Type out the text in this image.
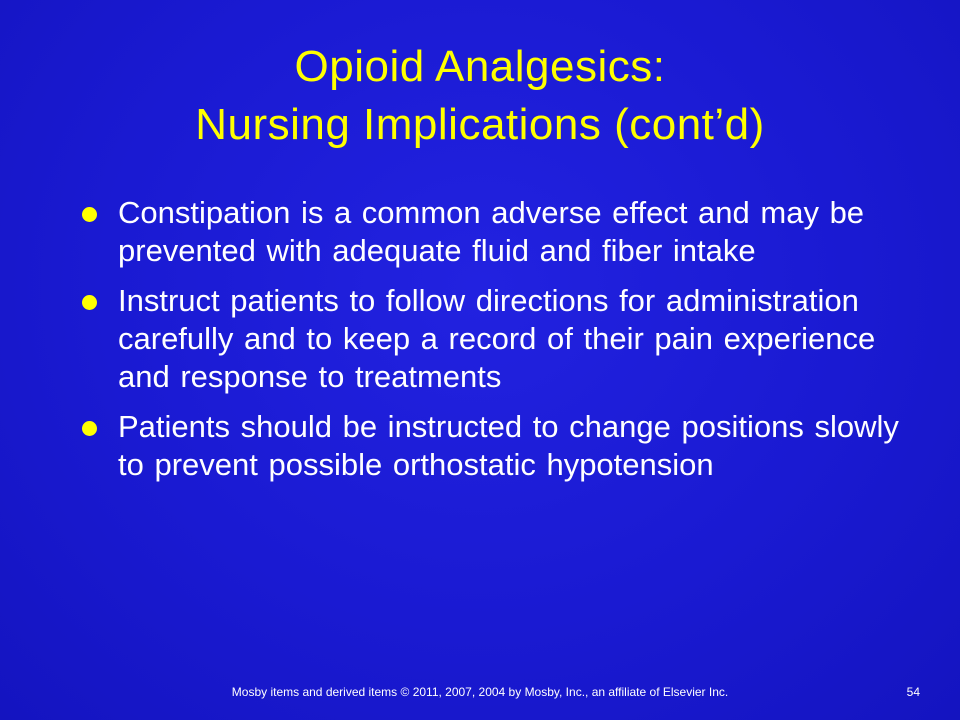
Opioid Analgesics:
Nursing Implications (cont’d)
Constipation is a common adverse effect and may be prevented with adequate fluid and fiber intake
Instruct patients to follow directions for administration carefully and to keep a record of their pain experience and response to treatments
Patients should be instructed to change positions slowly to prevent possible orthostatic hypotension
Mosby items and derived items © 2011, 2007, 2004 by Mosby, Inc., an affiliate of Elsevier Inc.	54
